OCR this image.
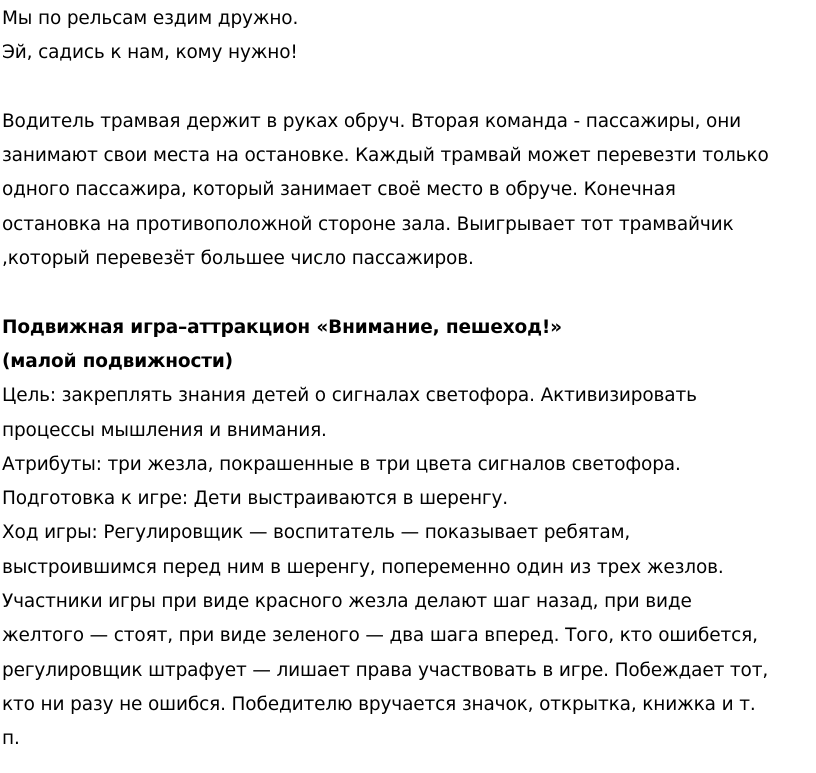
Мы по рельсам ездим дружно.
Эй, садись к нам, кому нужно!
Водитель трамвая держит в руках обруч. Вторая команда - пассажиры, они
занимают свои места на остановке. Каждый трамвай может перевезти только
одного пассажира, который занимает своё место в обруче. Конечная
остановка на противоположной стороне зала. Выигрывает тот трамвайчик
,который перевезёт большее число пассажиров.
Подвижная игра–аттракцион «Внимание, пешеход!»
(малой подвижности)
Цель: закреплять знания детей о сигналах светофора. Активизировать
процессы мышления и внимания.
Атрибуты: три жезла, покрашенные в три цвета сигналов светофора.
Подготовка к игре: Дети выстраиваются в шеренгу.
Ход игры: Регулировщик — воспитатель — показывает ребятам,
выстроившимся перед ним в шеренгу, попеременно один из трех жезлов.
Участники игры при виде красного жезла делают шаг назад, при виде
желтого — стоят, при виде зеленого — два шага вперед. Того, кто ошибется,
регулировщик штрафует — лишает права участвовать в игре. Побеждает тот,
кто ни разу не ошибся. Победителю вручается значок, открытка, книжка и т.
п.
